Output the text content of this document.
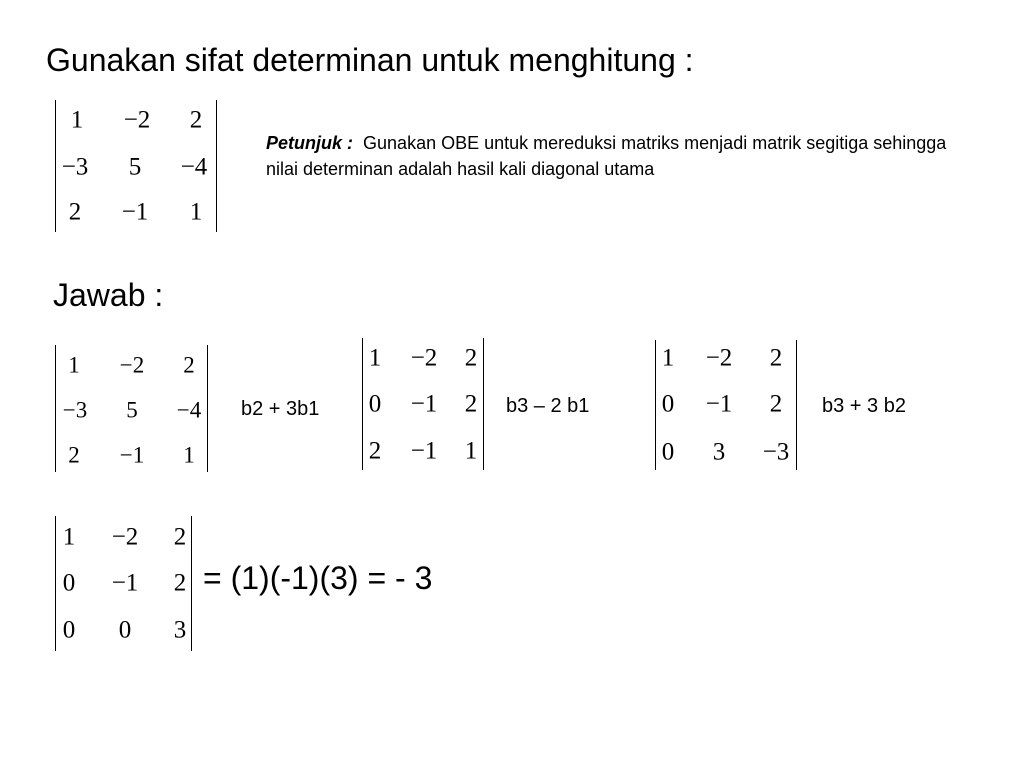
Gunakan sifat determinan untuk menghitung :
1	−2	2
−3	5	−4
2	−1	1
Petunjuk : Gunakan OBE untuk mereduksi matriks menjadi matrik segitiga sehingga nilai determinan adalah hasil kali diagonal utama
Jawab :
1	−2	2
−3	5	−4
2	−1	1
b2 + 3b1
1	−2	2
0	−1	2
2	−1	1
b3 – 2 b1
1	−2	2
0	−1	2
0	3	−3
b3 + 3 b2
1	−2	2
0	−1	2
0	0	3
= (1)(-1)(3) = - 3
